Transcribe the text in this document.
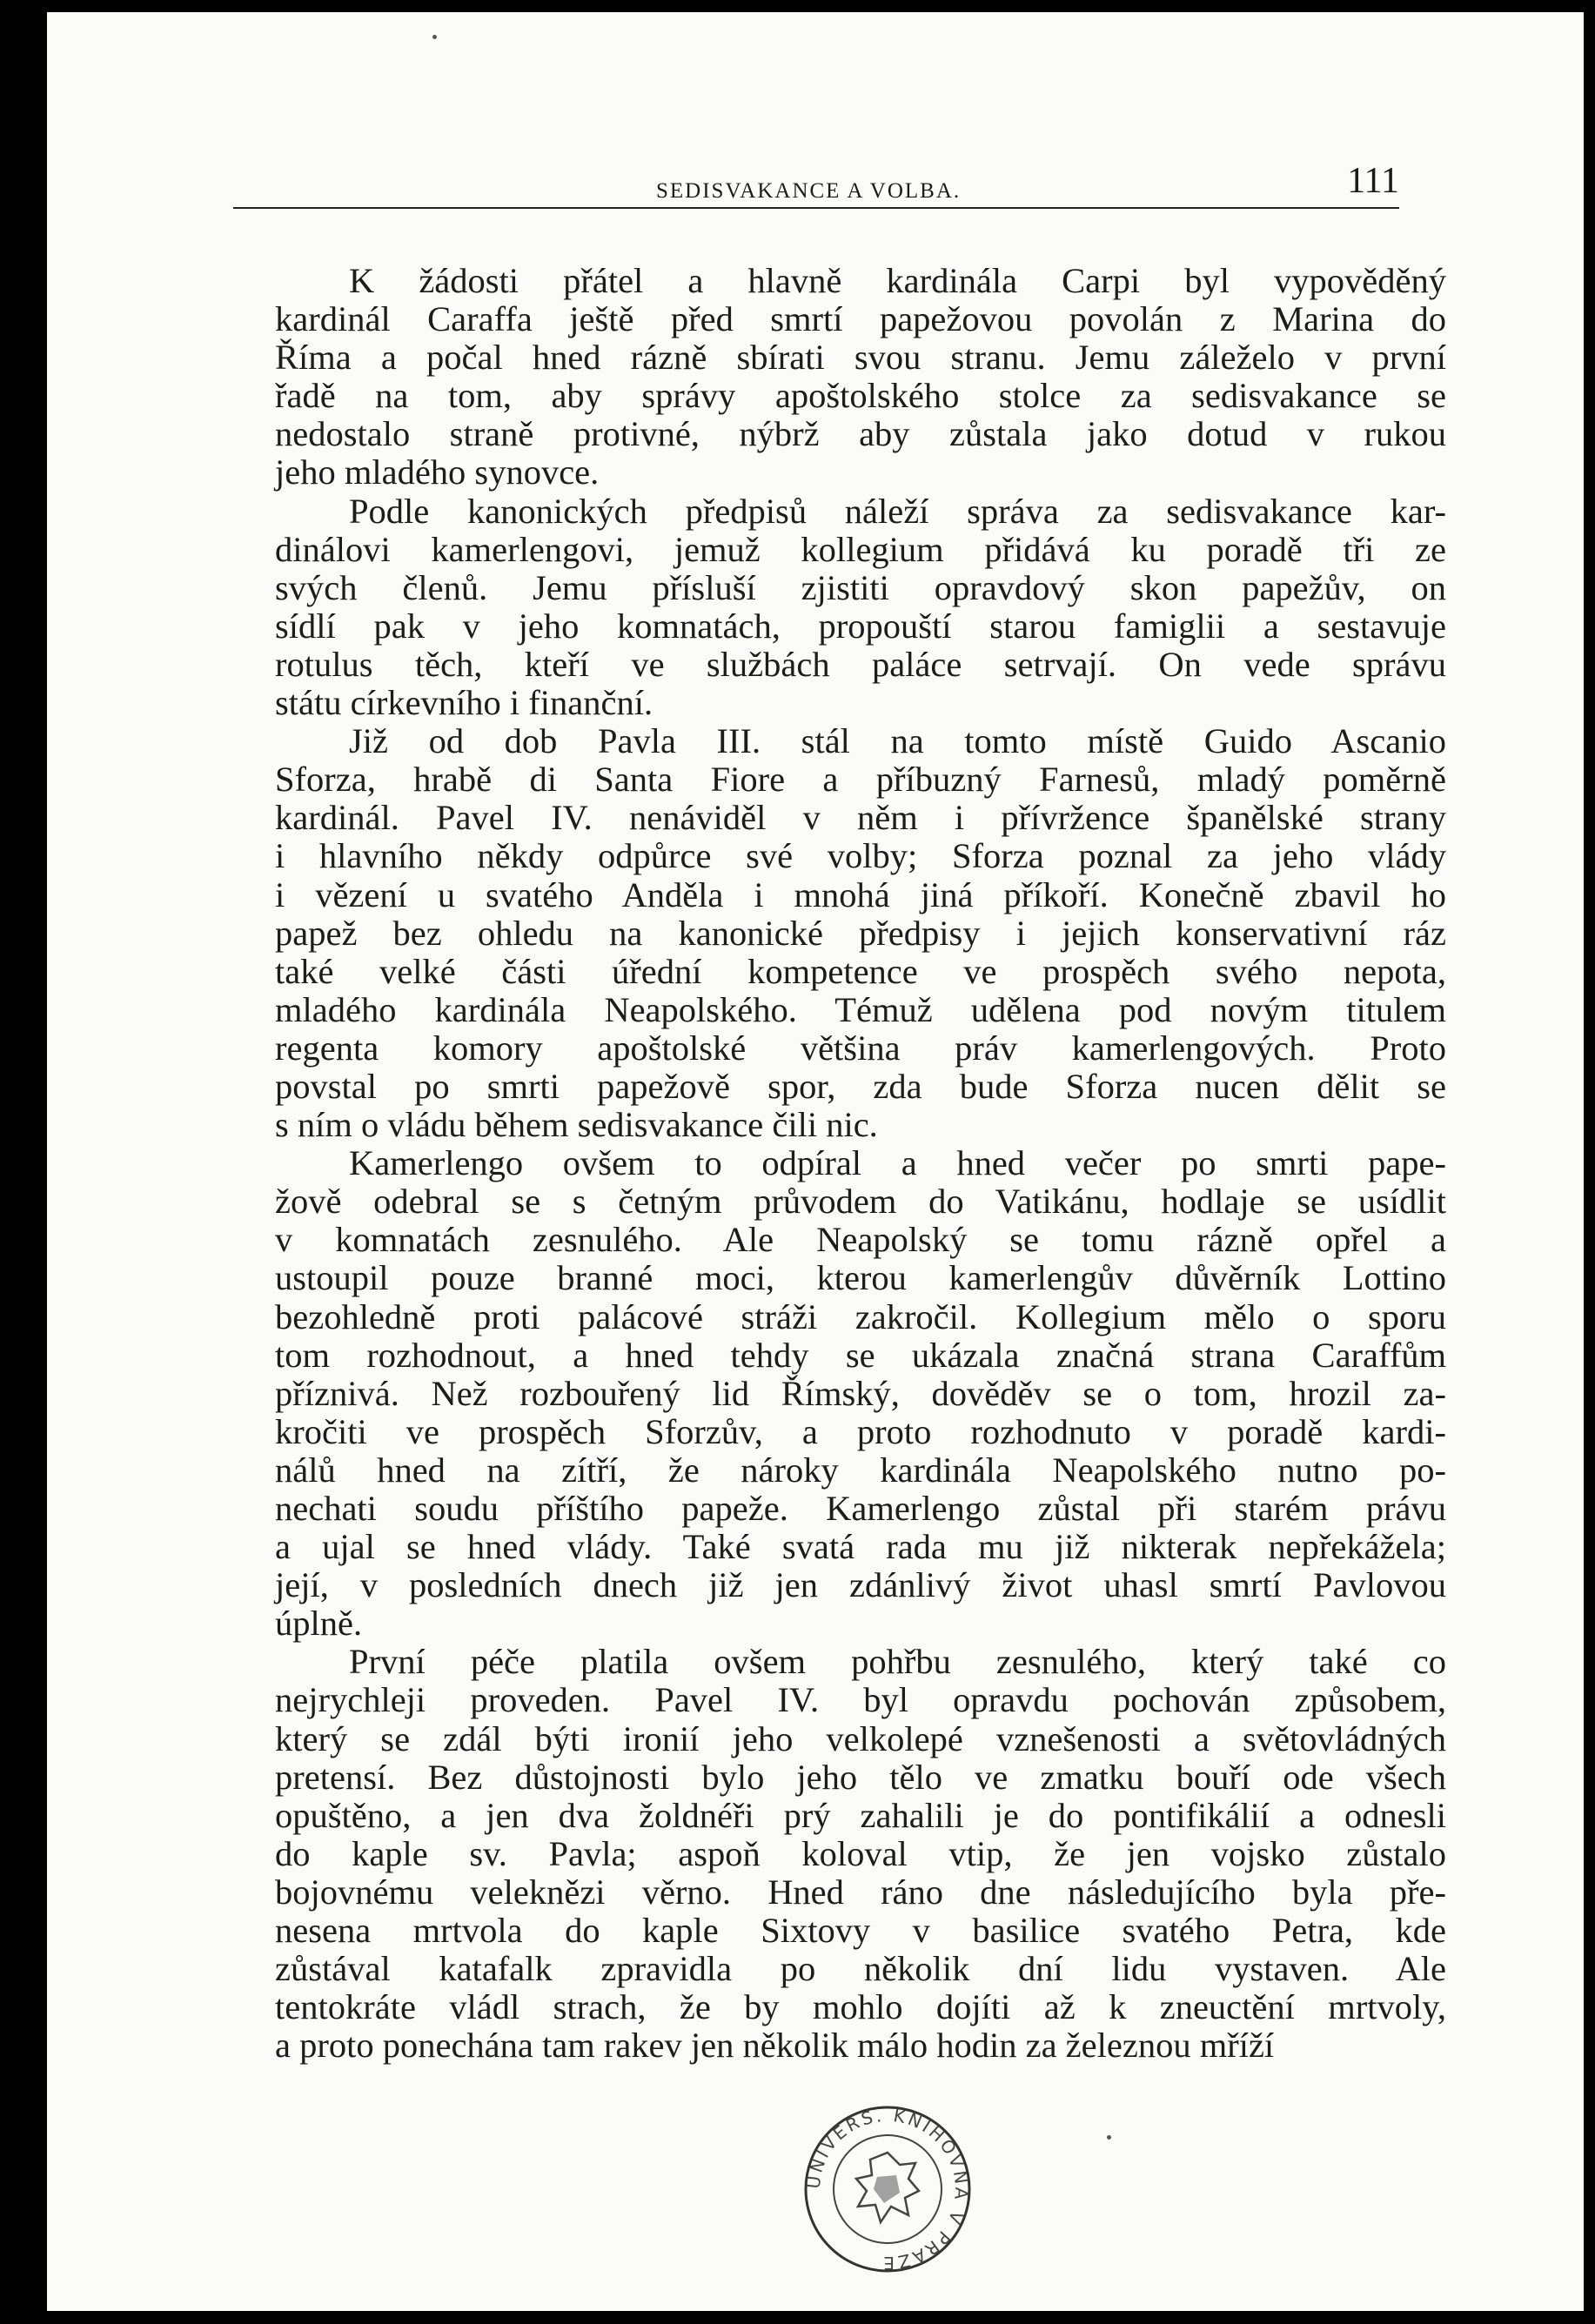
SEDISVAKANCE A VOLBA.	111

K žádosti přátel a hlavně kardinála Carpi byl vypověděný
kardinál Caraffa ještě před smrtí papežovou povolán z Marina do
Říma a počal hned rázně sbírati svou stranu. Jemu záleželo v první
řadě na tom, aby správy apoštolského stolce za sedisvakance se
nedostalo straně protivné, nýbrž aby zůstala jako dotud v rukou
jeho mladého synovce.

Podle kanonických předpisů náleží správa za sedisvakance kar-
dinálovi kamerlengovi, jemuž kollegium přidává ku poradě tři ze
svých členů. Jemu přísluší zjistiti opravdový skon papežův, on
sídlí pak v jeho komnatách, propouští starou famiglii a sestavuje
rotulus těch, kteří ve službách paláce setrvají. On vede správu
státu církevního i finanční.

Již od dob Pavla III. stál na tomto místě Guido Ascanio
Sforza, hrabě di Santa Fiore a příbuzný Farnesů, mladý poměrně
kardinál. Pavel IV. nenáviděl v něm i přívržence španělské strany
i hlavního někdy odpůrce své volby; Sforza poznal za jeho vlády
i vězení u svatého Anděla i mnohá jiná příkoří. Konečně zbavil ho
papež bez ohledu na kanonické předpisy i jejich konservativní ráz
také velké části úřední kompetence ve prospěch svého nepota,
mladého kardinála Neapolského. Témuž udělena pod novým titulem
regenta komory apoštolské většina práv kamerlengových. Proto
povstal po smrti papežově spor, zda bude Sforza nucen dělit se
s ním o vládu během sedisvakance čili nic.

Kamerlengo ovšem to odpíral a hned večer po smrti pape-
žově odebral se s četným průvodem do Vatikánu, hodlaje se usídlit
v komnatách zesnulého. Ale Neapolský se tomu rázně opřel a
ustoupil pouze branné moci, kterou kamerlengův důvěrník Lottino
bezohledně proti palácové stráži zakročil. Kollegium mělo o sporu
tom rozhodnout, a hned tehdy se ukázala značná strana Caraffům
příznivá. Než rozbouřený lid Římský, dověděv se o tom, hrozil za-
kročiti ve prospěch Sforzův, a proto rozhodnuto v poradě kardi-
nálů hned na zítří, že nároky kardinála Neapolského nutno po-
nechati soudu příštího papeže. Kamerlengo zůstal při starém právu
a ujal se hned vlády. Také svatá rada mu již nikterak nepřekážela;
její, v posledních dnech již jen zdánlivý život uhasl smrtí Pavlovou
úplně.

První péče platila ovšem pohřbu zesnulého, který také co
nejrychleji proveden. Pavel IV. byl opravdu pochován způsobem,
který se zdál býti ironií jeho velkolepé vznešenosti a světovládných
pretensí. Bez důstojnosti bylo jeho tělo ve zmatku bouří ode všech
opuštěno, a jen dva žoldnéři prý zahalili je do pontifikálií a odnesli
do kaple sv. Pavla; aspoň koloval vtip, že jen vojsko zůstalo
bojovnému veleknězi věrno. Hned ráno dne následujícího byla pře-
nesena mrtvola do kaple Sixtovy v basilice svatého Petra, kde
zůstával katafalk zpravidla po několik dní lidu vystaven. Ale
tentokráte vládl strach, že by mohlo dojíti až k zneuctění mrtvoly,
a proto ponechána tam rakev jen několik málo hodin za železnou mříží

UNIVERS. KNIHOVNA V PRAZE
